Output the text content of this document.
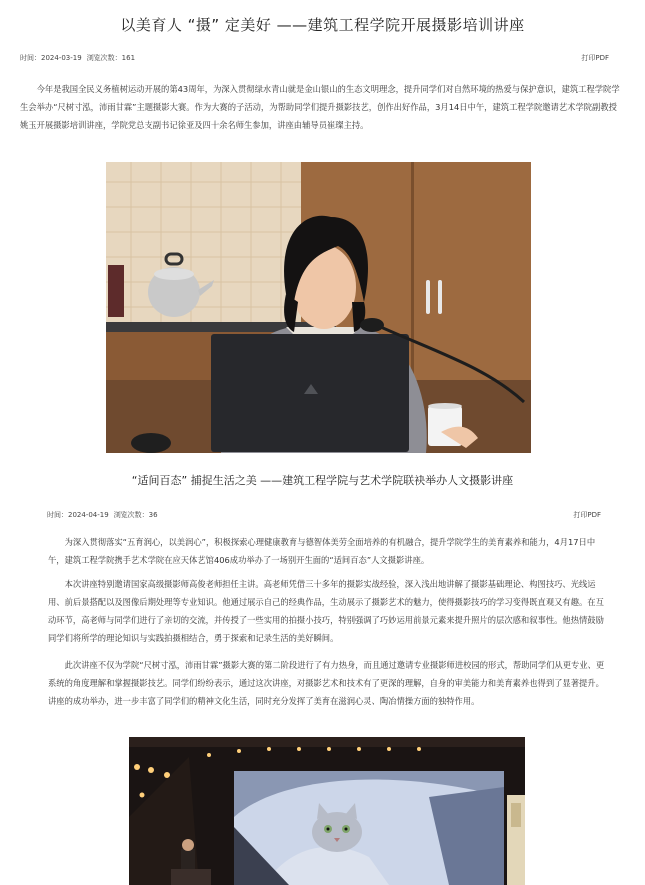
以美育人 “摄” 定美好 ——建筑工程学院开展摄影培训讲座
时间：2024-03-19 浏览次数：161	打印PDF

今年是我国全民义务植树运动开展的第43周年，为深入贯彻绿水青山就是金山银山的生态文明理念，提升同学们对自然环境的热爱与保护意识，建筑工程学院学生会举办“尺树寸泓，沛雨甘霖”主题摄影大赛。作为大赛的子活动，为帮助同学们提升摄影技艺，创作出好作品，3月14日中午，建筑工程学院邀请艺术学院副教授姚玉开展摄影培训讲座，学院党总支副书记徐亚及四十余名师生参加，讲座由辅导员崔璨主持。

“适间百态” 捕捉生活之美 ——建筑工程学院与艺术学院联袂举办人文摄影讲座
时间：2024-04-19 浏览次数：36	打印PDF

为深入贯彻落实“五育润心，以美润心”，积极探索心理健康教育与德智体美劳全面培养的有机融合，提升学院学生的美育素养和能力，4月17日中午，建筑工程学院携手艺术学院在应天体艺馆406成功举办了一场别开生面的“适间百态”人文摄影讲座。

本次讲座特别邀请国家高级摄影师高俊老师担任主讲。高老师凭借三十多年的摄影实战经验，深入浅出地讲解了摄影基础理论、构图技巧、光线运用、前后景搭配以及图像后期处理等专业知识。他通过展示自己的经典作品，生动展示了摄影艺术的魅力，使得摄影技巧的学习变得既直观又有趣。在互动环节，高老师与同学们进行了亲切的交流，并传授了一些实用的拍摄小技巧，特别强调了巧妙运用前景元素来提升照片的层次感和叙事性。他热情鼓励同学们将所学的理论知识与实践拍摄相结合，勇于探索和记录生活的美好瞬间。

此次讲座不仅为学院“尺树寸泓，沛雨甘霖”摄影大赛的第二阶段进行了有力热身，而且通过邀请专业摄影师进校园的形式，帮助同学们从更专业、更系统的角度理解和掌握摄影技艺。同学们纷纷表示，通过这次讲座，对摄影艺术和技术有了更深的理解，自身的审美能力和美育素养也得到了显著提升。讲座的成功举办，进一步丰富了同学们的精神文化生活，同时充分发挥了美育在滋润心灵、陶冶情操方面的独特作用。
